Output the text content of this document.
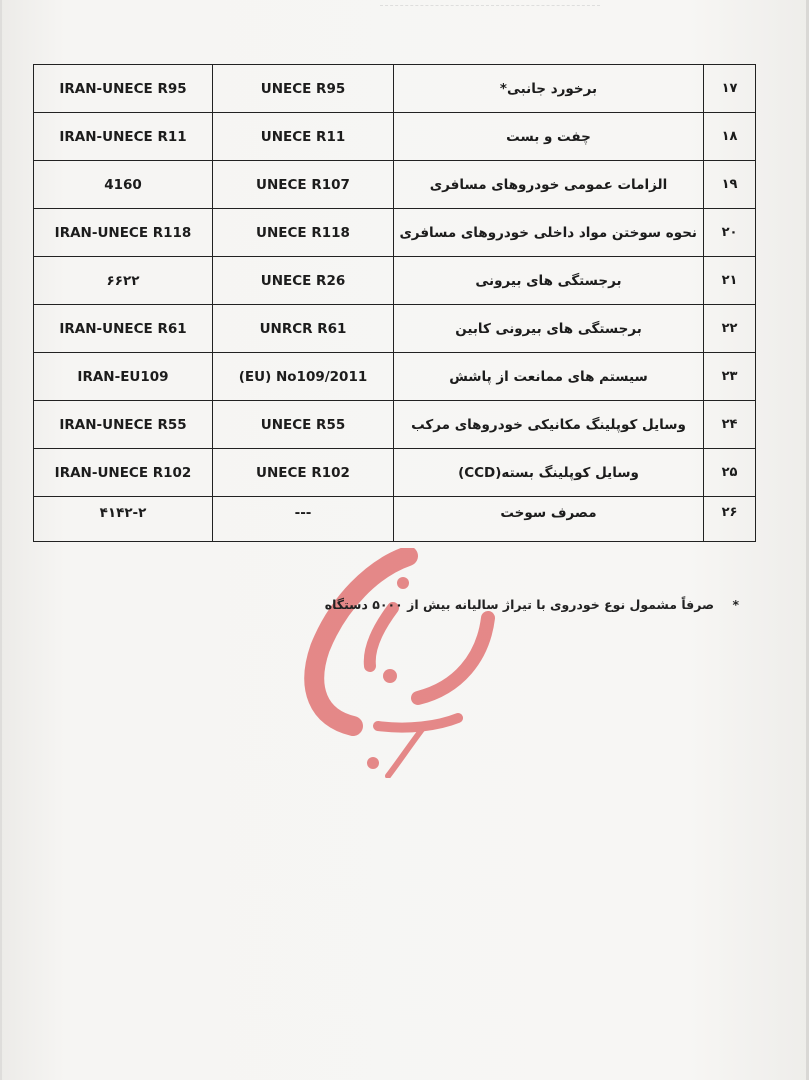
IRAN-UNECE R95	UNECE R95	برخورد جانبی*	۱۷
IRAN-UNECE R11	UNECE R11	چفت و بست	۱۸
4160	UNECE R107	الزامات عمومی خودروهای مسافری	۱۹
IRAN-UNECE R118	UNECE R118	نحوه سوختن مواد داخلی خودروهای مسافری	۲۰
۶۶۲۲	UNECE R26	برجستگی های بیرونی	۲۱
IRAN-UNECE R61	UNRCR R61	برجستگی های بیرونی کابین	۲۲
IRAN-EU109	(EU) No109/2011	سیستم های ممانعت از پاشش	۲۳
IRAN-UNECE R55	UNECE R55	وسایل کوپلینگ مکانیکی خودروهای مرکب	۲۴
IRAN-UNECE R102	UNECE R102	وسایل کوپلینگ بسته(CCD)	۲۵
۴۱۴۲-۲	---	مصرف سوخت	۲۶
* صرفاً مشمول نوع خودروی با تیراژ سالیانه بیش از ۵۰۰۰ دستگاه
